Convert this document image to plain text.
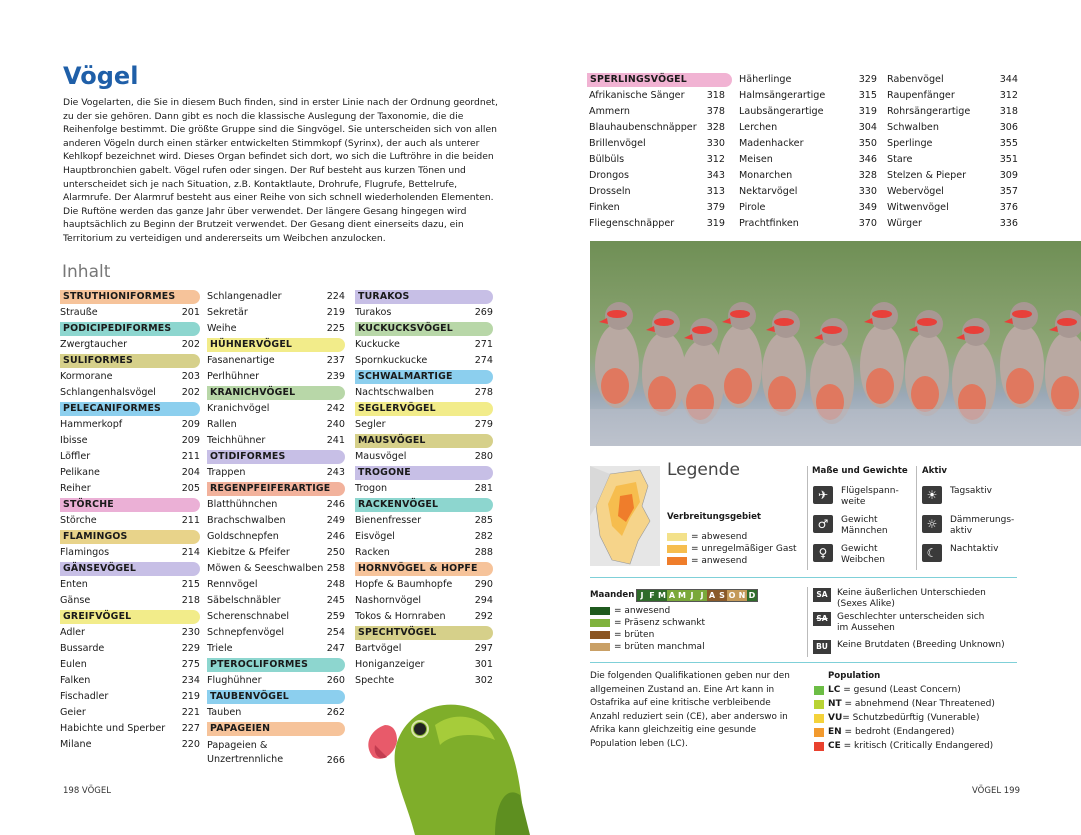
Vögel

Die Vogelarten, die Sie in diesem Buch finden, sind in erster Linie nach der Ordnung geordnet, zu der sie gehören. Dann gibt es noch die klassische Auslegung der Taxonomie, die die Reihenfolge bestimmt. Die größte Gruppe sind die Singvögel. Sie unterscheiden sich von allen anderen Vögeln durch einen stärker entwickelten Stimmkopf (Syrinx), der auch als unterer Kehlkopf bezeichnet wird. Dieses Organ befindet sich dort, wo sich die Luftröhre in die beiden Hauptbronchien gabelt. Vögel rufen oder singen. Der Ruf besteht aus kurzen Tönen und unterscheidet sich je nach Situation, z.B. Kontaktlaute, Drohrufe, Flugrufe, Bettelrufe, Alarmrufe. Der Alarmruf besteht aus einer Reihe von sich schnell wiederholenden Elementen. Die Ruftöne werden das ganze Jahr über verwendet. Der längere Gesang hingegen wird hauptsächlich zu Beginn der Brutzeit verwendet. Der Gesang dient einerseits dazu, ein Territorium zu verteidigen und andererseits um Weibchen anzulocken.

Inhalt
STRUTHIONIFORMES
Strauße	201
PODICIPEDIFORMES
Zwergtaucher	202
SULIFORMES
Kormorane	203
Schlangenhalsvögel	202
PELECANIFORMES
Hammerkopf	209
Ibisse	209
Löffler	211
Pelikane	204
Reiher	205
STÖRCHE
Störche	211
FLAMINGOS
Flamingos	214
GÄNSEVÖGEL
Enten	215
Gänse	218
GREIFVÖGEL
Adler	230
Bussarde	229
Eulen	275
Falken	234
Fischadler	219
Geier	221
Habichte und Sperber 227
Milane	220
Schlangenadler	224
Sekretär	219
Weihe	225
HÜHNERVÖGEL
Fasanenartige	237
Perlhühner	239
KRANICHVÖGEL
Kranichvögel	242
Rallen	240
Teichhühner	241
OTIDIFORMES
Trappen	243
REGENPFEIFERARTIGE
Blatthühnchen	246
Brachschwalben	249
Goldschnepfen	246
Kiebitze & Pfeifer	250
Möwen & Seeschwalben 258
Rennvögel	248
Säbelschnäbler	245
Scherenschnabel	259
Schnepfenvögel	254
Triele	247
PTEROCLIFORMES
Flughühner	260
TAUBENVÖGEL
Tauben	262
PAPAGEIEN
Papageien & Unzertrennliche	266
TURAKOS
Turakos	269
KUCKUCKSVÖGEL
Kuckucke	271
Spornkuckucke	274
SCHWALMARTIGE
Nachtschwalben	278
SEGLERVÖGEL
Segler	279
MAUSVÖGEL
Mausvögel	280
TROGONE
Trogon	281
RACKENVÖGEL
Bienenfresser	285
Eisvögel	282
Racken	288
HORNVÖGEL & HOPFE
Hopfe & Baumhopfe 290
Nashornvögel	294
Tokos & Hornraben	292
SPECHTVÖGEL
Bartvögel	297
Honiganzeiger	301
Spechte	302
198 VÖGEL
SPERLINGSVÖGEL
Afrikanische Sänger 318
Ammern	378
Blauhaubenschnäpper 328
Brillenvögel	330
Bülbüls	312
Drongos	343
Drosseln	313
Finken	379
Fliegenschnäpper	319
Häherlinge	329
Halmsängerartige	315
Laubsängerartige	319
Lerchen	304
Madenhacker	350
Meisen	346
Monarchen	328
Nektarvögel	330
Pirole	349
Prachtfinken	370
Rabenvögel	344
Raupenfänger	312
Rohrsängerartige	318
Schwalben	306
Sperlinge	355
Stare	351
Stelzen & Pieper	309
Webervögel	357
Witwenvögel	376
Würger	336
Legende
Verbreitungsgebiet
= abwesend
= unregelmäßiger Gast
= anwesend
Maße und Gewichte Aktiv
✈	Flügelspann-
weite
♂	Gewicht
Männchen
♀	Gewicht
Weibchen
☀	Tagsaktiv
☼	Dämmerungs-
aktiv
☾	Nachtaktiv
Maanden J F M A M J J A S O N D
= anwesend
= Präsenz schwankt
= brüten
= brüten manchmal
SA	Keine äußerlichen Unterschieden
(Sexes Alike)
SA	Geschlechter unterscheiden sich
im Aussehen
BU	Keine Brutdaten (Breeding Unknown)
Die folgenden Qualifikationen geben nur den allgemeinen Zustand an. Eine Art kann in Ostafrika auf eine kritische verbleibende Anzahl reduziert sein (CE), aber anderswo in Afrika kann gleichzeitig eine gesunde Population leben (LC).
Population
LC = gesund (Least Concern)
NT = abnehmend (Near Threatened)
VU= Schutzbedürftig (Vunerable)
EN = bedroht (Endangered)
CE = kritisch (Critically Endangered)
VÖGEL 199
